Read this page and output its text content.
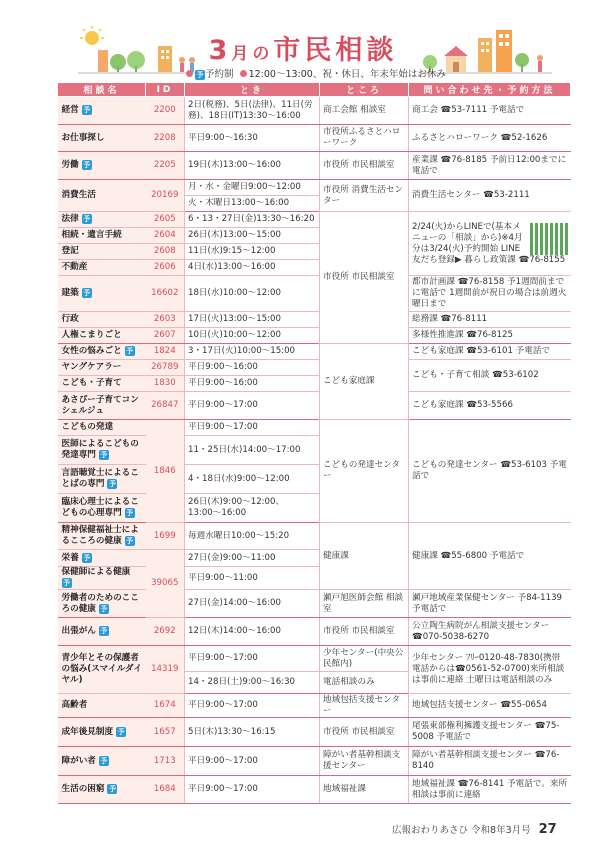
3月の市民相談
予 予約制 12:00〜13:00、祝・休日、年末年始はお休み
相談名	ID	とき	ところ	問い合わせ先・予約方法
経営 予	2200	2日(税務)、5日(法律)、11日(労務)、18日(IT)13:30〜16:00	商工会館 相談室	商工会 ☎53-7111 予電話で
お仕事探し	2208	平日9:00〜16:30	市役所ふるさとハローワーク	ふるさとハローワーク ☎52-1626
労働 予	2205	19日(木)13:00〜16:00	市役所 市民相談室	産業課 ☎76-8185 予前日12:00までに電話で
消費生活	20169	月・水・金曜日9:00〜12:00	市役所 消費生活センター	消費生活センター ☎53-2111
		火・木曜日13:00〜16:00		
法律 予	2605	6・13・27日(金)13:30〜16:20	市役所 市民相談室	2/24(火)からLINEで(基本メニューの「相談」から)※4月分は3/24(火)予約開始 LINE友だち登録▶ 暮らし政策課 ☎76-8155
相続・遺言手続	2604	26日(木)13:00〜15:00		
登記	2608	11日(水)9:15〜12:00		
不動産	2606	4日(水)13:00〜16:00		
建築 予	16602	18日(水)10:00〜12:00		都市計画課 ☎76-8158 予1週間前までに電話で 1週間前が祝日の場合は前週火曜日まで
行政	2603	17日(火)13:00〜15:00		総務課 ☎76-8111
人権こまりごと	2607	10日(火)10:00〜12:00		多様性推進課 ☎76-8125
女性の悩みごと 予	1824	3・17日(火)10:00〜15:00	こども家庭課	こども家庭課 ☎53-6101 予電話で
ヤングケアラー	26789	平日9:00〜16:00		こども・子育て相談 ☎53-6102
こども・子育て	1830	平日9:00〜16:00		
あさぴー子育てコンシェルジュ	26847	平日9:00〜17:00		こども家庭課 ☎53-5566
こどもの発達	1846	平日9:00〜17:00	こどもの発達センター	こどもの発達センター ☎53-6103 予電話で
医師によるこどもの発達専門 予		11・25日(水)14:00〜17:00		
言語聴覚士によることばの専門 予		4・18日(水)9:00〜12:00		
臨床心理士によるこどもの心理専門 予		26日(木)9:00〜12:00、13:00〜16:00		
精神保健福祉士によるこころの健康 予	1699	毎週水曜日10:00〜15:20	健康課	健康課 ☎55-6800 予電話で
栄養 予	39065	27日(金)9:00〜11:00		
保健師による健康 予		平日9:00〜11:00		
労働者のためのこころの健康 予		27日(金)14:00〜16:00	瀬戸旭医師会館 相談室	瀬戸地域産業保健センター 予84-1139 予電話で
出張がん 予	2692	12日(木)14:00〜16:00	市役所 市民相談室	公立陶生病院がん相談支援センター ☎070-5038-6270
青少年とその保護者の悩み(スマイルダイヤル)	14319	平日9:00〜17:00	少年センター(中央公民館内)	少年センター ﾌﾘｰ0120-48-7830(携帯電話からは☎0561-52-0700)来所相談は事前に連絡 土曜日は電話相談のみ
		14・28日(土)9:00〜16:30	電話相談のみ	
高齢者	1674	平日9:00〜17:00	地域包括支援センター	地域包括支援センター ☎55-0654
成年後見制度 予	1657	5日(木)13:30〜16:15	市役所 市民相談室	尾張東部権利擁護支援センター ☎75-5008 予電話で
障がい者 予	1713	平日9:00〜17:00	障がい者基幹相談支援センター	障がい者基幹相談支援センター ☎76-8140
生活の困窮 予	1684	平日9:00〜17:00	地域福祉課	地域福祉課 ☎76-8141 予電話で。来所相談は事前に連絡
広報おわりあさひ 令和8年3月号 27
